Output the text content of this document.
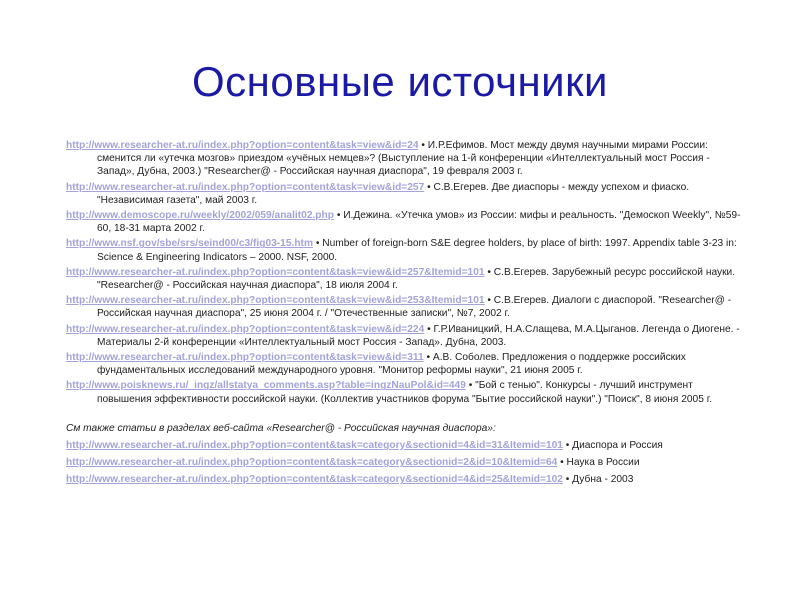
Основные источники
http://www.researcher-at.ru/index.php?option=content&task=view&id=24 • И.Р.Ефимов. Мост между двумя научными мирами России: сменится ли «утечка мозгов» приездом «учёных немцев»? (Выступление на 1-й конференции «Интеллектуальный мост Россия - Запад», Дубна, 2003.) "Researcher@ - Российская научная диаспора", 19 февраля 2003 г.
http://www.researcher-at.ru/index.php?option=content&task=view&id=257 • С.В.Егерев. Две диаспоры - между успехом и фиаско. "Независимая газета", май 2003 г.
http://www.demoscope.ru/weekly/2002/059/analit02.php • И.Дежина. «Утечка умов» из России: мифы и реальность. "Демоскоп Weekly", №59-60, 18-31 марта 2002 г.
http://www.nsf.gov/sbe/srs/seind00/c3/fig03-15.htm • Number of foreign-born S&E degree holders, by place of birth: 1997. Appendix table 3-23 in: Science & Engineering Indicators – 2000. NSF, 2000.
http://www.researcher-at.ru/index.php?option=content&task=view&id=257&Itemid=101 • С.В.Егерев. Зарубежный ресурс российской науки. "Researcher@ - Российская научная диаспора", 18 июля 2004 г.
http://www.researcher-at.ru/index.php?option=content&task=view&id=253&Itemid=101 • С.В.Егерев. Диалоги с диаспорой. "Researcher@ - Российская научная диаспора", 25 июня 2004 г. / "Отечественные записки", №7, 2002 г.
http://www.researcher-at.ru/index.php?option=content&task=view&id=224 • Г.Р.Иваницкий, Н.А.Слащева, М.А.Цыганов. Легенда о Диогене. - Материалы 2-й конференции «Интеллектуальный мост Россия - Запад». Дубна, 2003.
http://www.researcher-at.ru/index.php?option=content&task=view&id=311 • А.В. Соболев. Предложения о поддержке российских фундаментальных исследований международного уровня. "Монитор реформы науки", 21 июня 2005 г.
http://www.poisknews.ru/_ingz/allstatya_comments.asp?table=ingzNauPol&id=449 • "Бой с тенью". Конкурсы - лучший инструмент повышения эффективности российской науки. (Коллектив участников форума "Бытие российской науки".) "Поиск", 8 июня 2005 г.
См также статьи в разделах веб-сайта «Researcher@ - Российская научная диаспора»:
http://www.researcher-at.ru/index.php?option=content&task=category&sectionid=4&id=31&Itemid=101 • Диаспора и Россия
http://www.researcher-at.ru/index.php?option=content&task=category&sectionid=2&id=10&Itemid=64 • Наука в России
http://www.researcher-at.ru/index.php?option=content&task=category&sectionid=4&id=25&Itemid=102 • Дубна - 2003
